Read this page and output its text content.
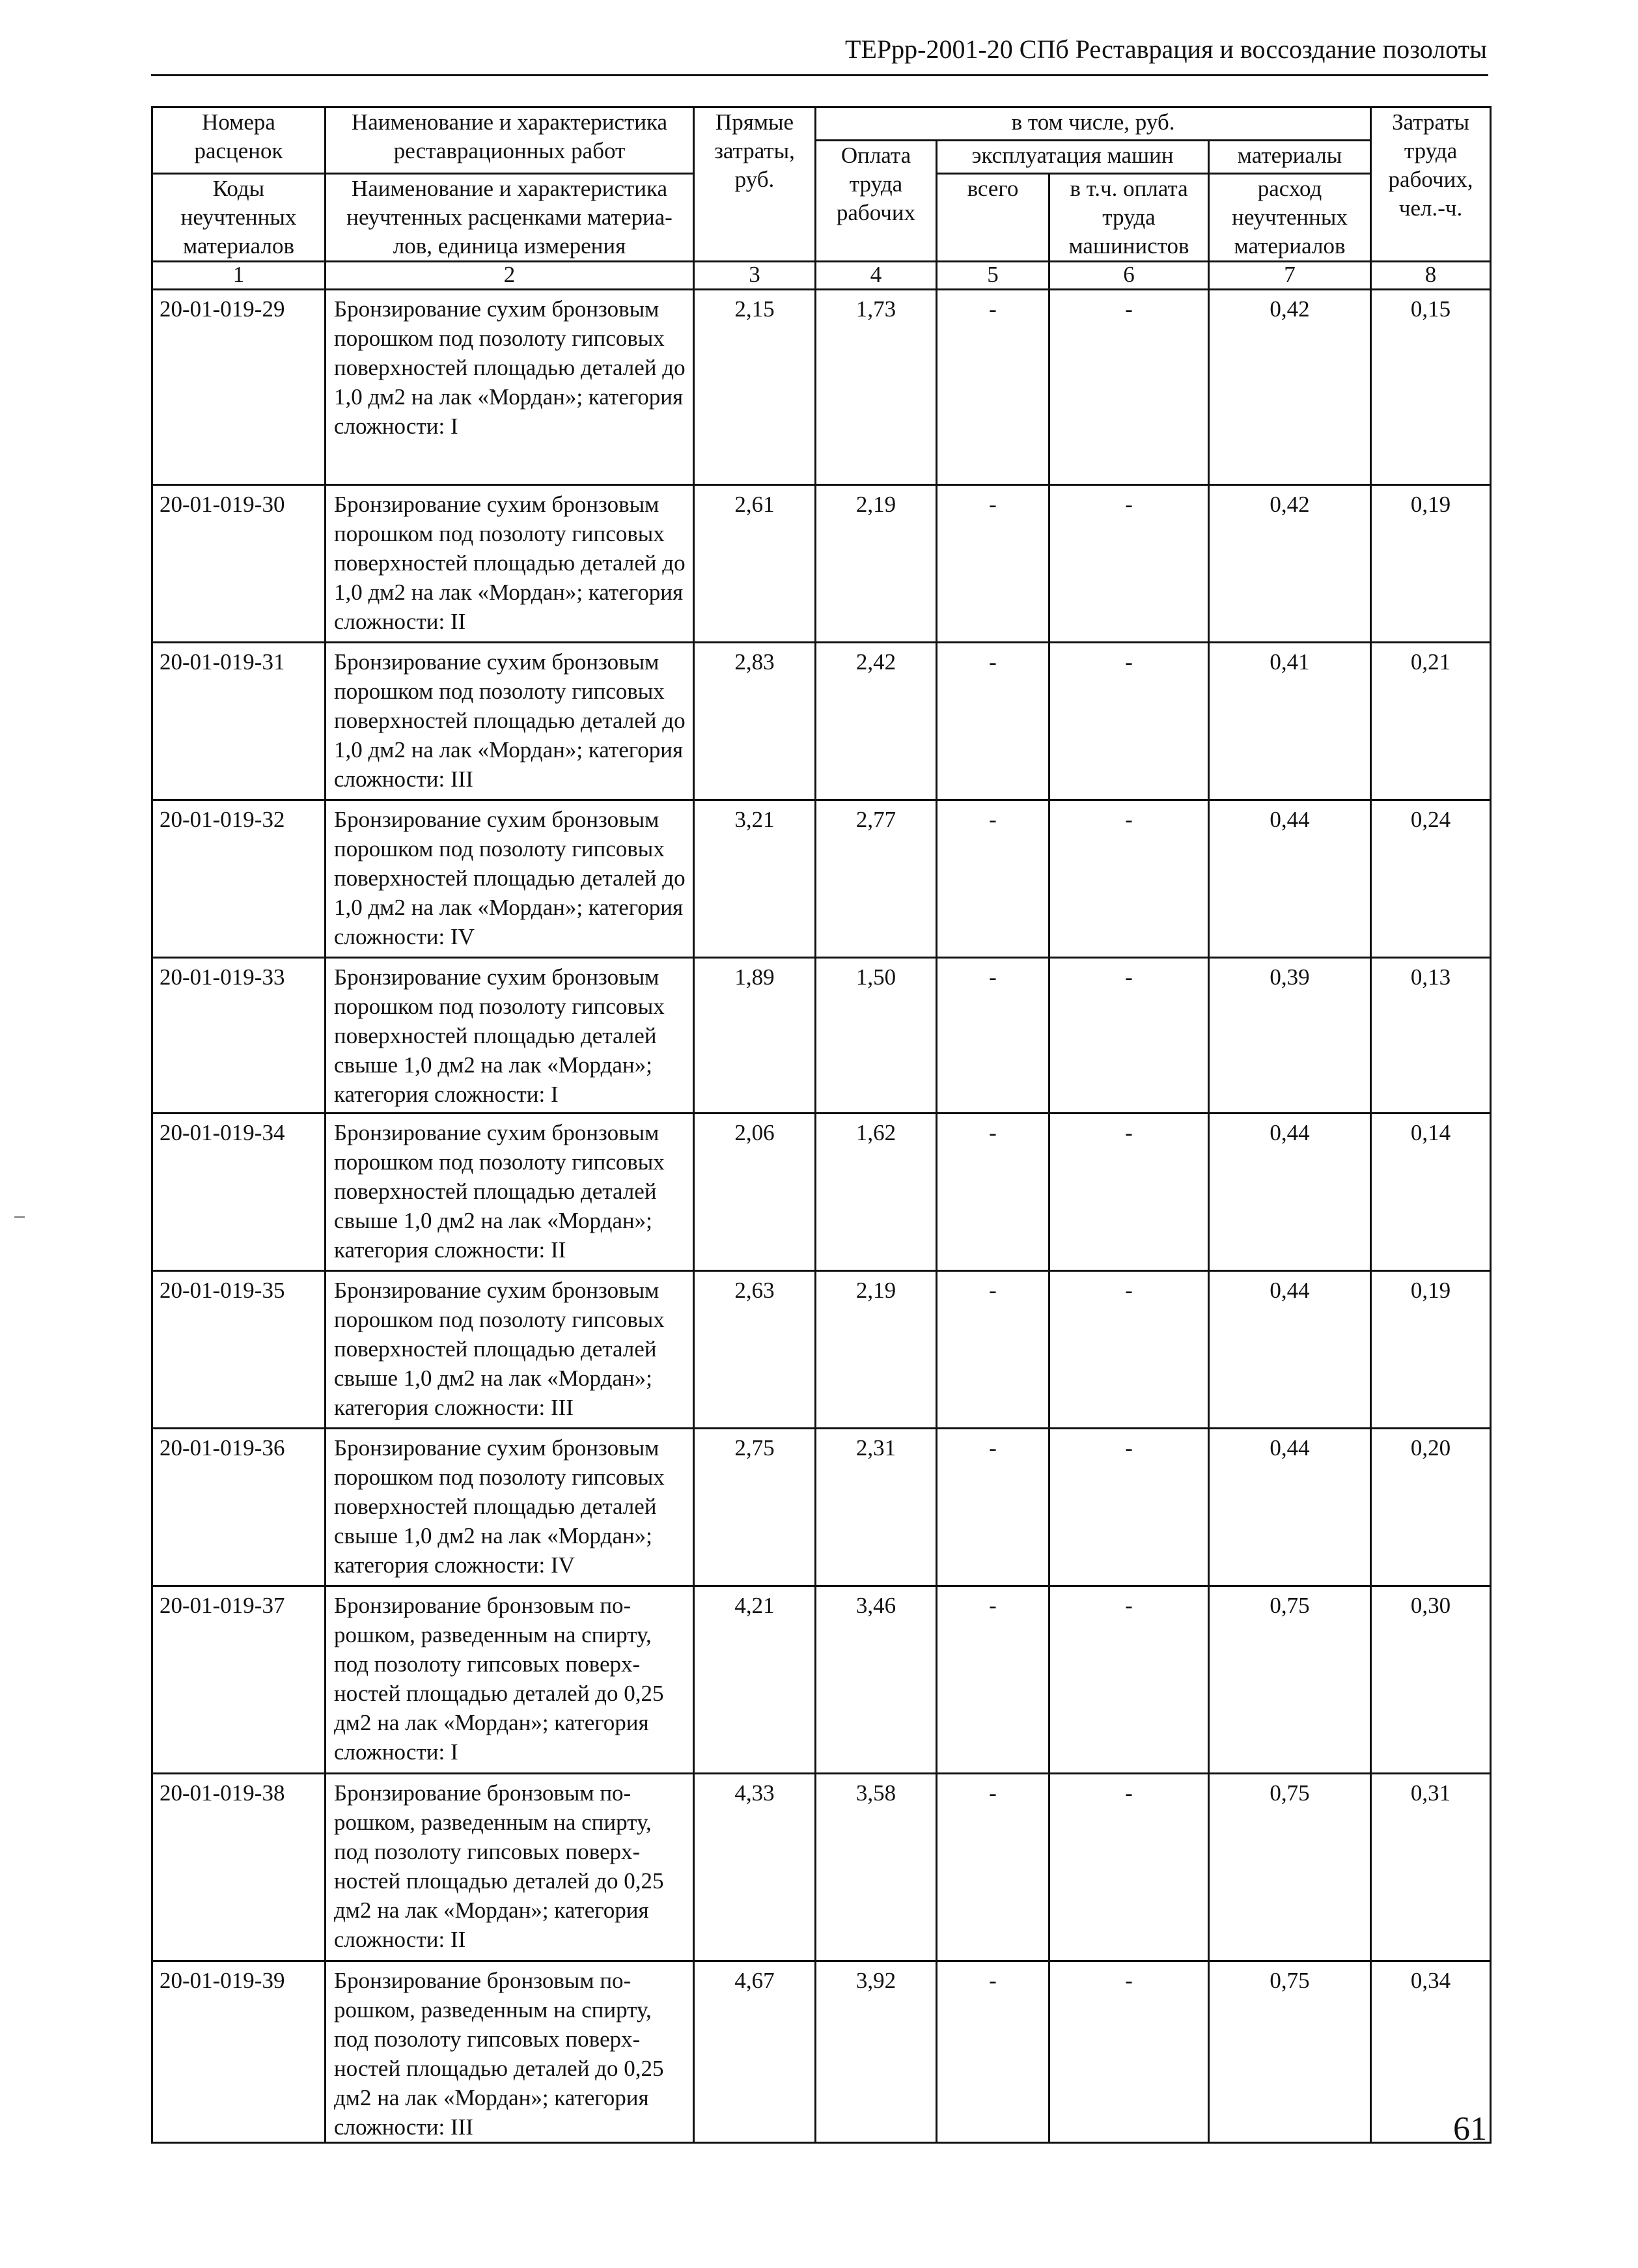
ТЕРрр-2001-20 СПб Реставрация и воссоздание позолоты
Номера расценок	Наименование и характеристика реставрационных работ	Прямые затраты, руб.	в том числе, руб.				Затраты труда рабочих, чел.-ч.
			Оплата труда рабочих	эксплуатация машин		материалы	
Коды неучтенных материалов	Наименование и характеристика неучтенных расценками материа-лов, единица измерения			всего	в т.ч. оплата труда машинистов	расход неучтенных материалов	

1	2	3	4	5	6	7	8
20-01-019-29	Бронзирование сухим бронзовым порошком под позолоту гипсовых поверхностей площадью деталей до 1,0 дм2 на лак «Мордан»; категория сложности: I	2,15	1,73	-	-	0,42	0,15
20-01-019-30	Бронзирование сухим бронзовым порошком под позолоту гипсовых поверхностей площадью деталей до 1,0 дм2 на лак «Мордан»; категория сложности: II	2,61	2,19	-	-	0,42	0,19
20-01-019-31	Бронзирование сухим бронзовым порошком под позолоту гипсовых поверхностей площадью деталей до 1,0 дм2 на лак «Мордан»; категория сложности: III	2,83	2,42	-	-	0,41	0,21
20-01-019-32	Бронзирование сухим бронзовым порошком под позолоту гипсовых поверхностей площадью деталей до 1,0 дм2 на лак «Мордан»; категория сложности: IV	3,21	2,77	-	-	0,44	0,24
20-01-019-33	Бронзирование сухим бронзовым порошком под позолоту гипсовых поверхностей площадью деталей свыше 1,0 дм2 на лак «Мордан»; категория сложности: I	1,89	1,50	-	-	0,39	0,13
20-01-019-34	Бронзирование сухим бронзовым порошком под позолоту гипсовых поверхностей площадью деталей свыше 1,0 дм2 на лак «Мордан»; категория сложности: II	2,06	1,62	-	-	0,44	0,14
20-01-019-35	Бронзирование сухим бронзовым порошком под позолоту гипсовых поверхностей площадью деталей свыше 1,0 дм2 на лак «Мордан»; категория сложности: III	2,63	2,19	-	-	0,44	0,19
20-01-019-36	Бронзирование сухим бронзовым порошком под позолоту гипсовых поверхностей площадью деталей свыше 1,0 дм2 на лак «Мордан»; категория сложности: IV	2,75	2,31	-	-	0,44	0,20
20-01-019-37	Бронзирование бронзовым по-рошком, разведенным на спирту, под позолоту гипсовых поверх-ностей площадью деталей до 0,25 дм2 на лак «Мордан»; категория сложности: I	4,21	3,46	-	-	0,75	0,30
20-01-019-38	Бронзирование бронзовым по-рошком, разведенным на спирту, под позолоту гипсовых поверх-ностей площадью деталей до 0,25 дм2 на лак «Мордан»; категория сложности: II	4,33	3,58	-	-	0,75	0,31
20-01-019-39	Бронзирование бронзовым по-рошком, разведенным на спирту, под позолоту гипсовых поверх-ностей площадью деталей до 0,25 дм2 на лак «Мордан»; категория сложности: III	4,67	3,92	-	-	0,75	0,34
61
